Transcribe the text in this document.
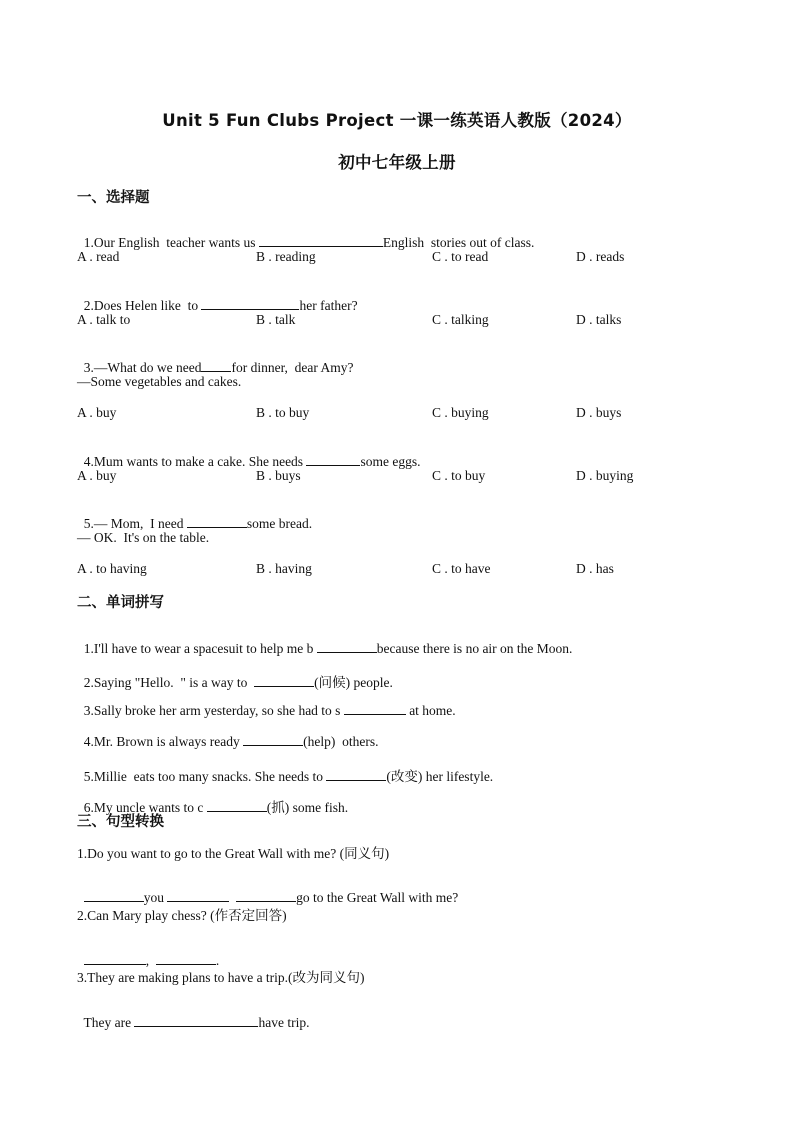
Unit 5 Fun Clubs Project 一课一练英语人教版（2024）
初中七年级上册
一、选择题

1.Our English  teacher wants us	English  stories out of class.

A . read	B . reading	C . to read	D . reads

2.Does Helen like  to	her father?

A . talk to	B . talk	C . talking	D . talks

3.—What do we need for dinner,  dear Amy?

—Some vegetables and cakes.
A . buy	B . to buy	C . buying	D . buys

4.Mum wants to make a cake. She needs	some eggs.

A . buy	B . buys	C . to buy	D . buying

5.— Mom,  I need	some bread.

— OK.  It's on the table.
A . to having	B . having	C . to have	D . has
二、单词拼写

1.I'll have to wear a spacesuit to help me b	because there is no air on the Moon.

2.Saying "Hello.  " is a way to	(问候) people.

3.Sally broke her arm yesterday, so she had to s	at home.

4.Mr. Brown is always ready	(help)  others.

5.Millie  eats too many snacks. She needs to	(改变) her lifestyle.

6.My uncle wants to c	(抓) some fish.

三、句型转换
1.Do you want to go to the Great Wall with me? (同义句)

you	go to the Great Wall with me?

2.Can Mary play chess? (作否定回答)

,	.

3.They are making plans to have a trip.(改为同义句)

They are	have trip.
